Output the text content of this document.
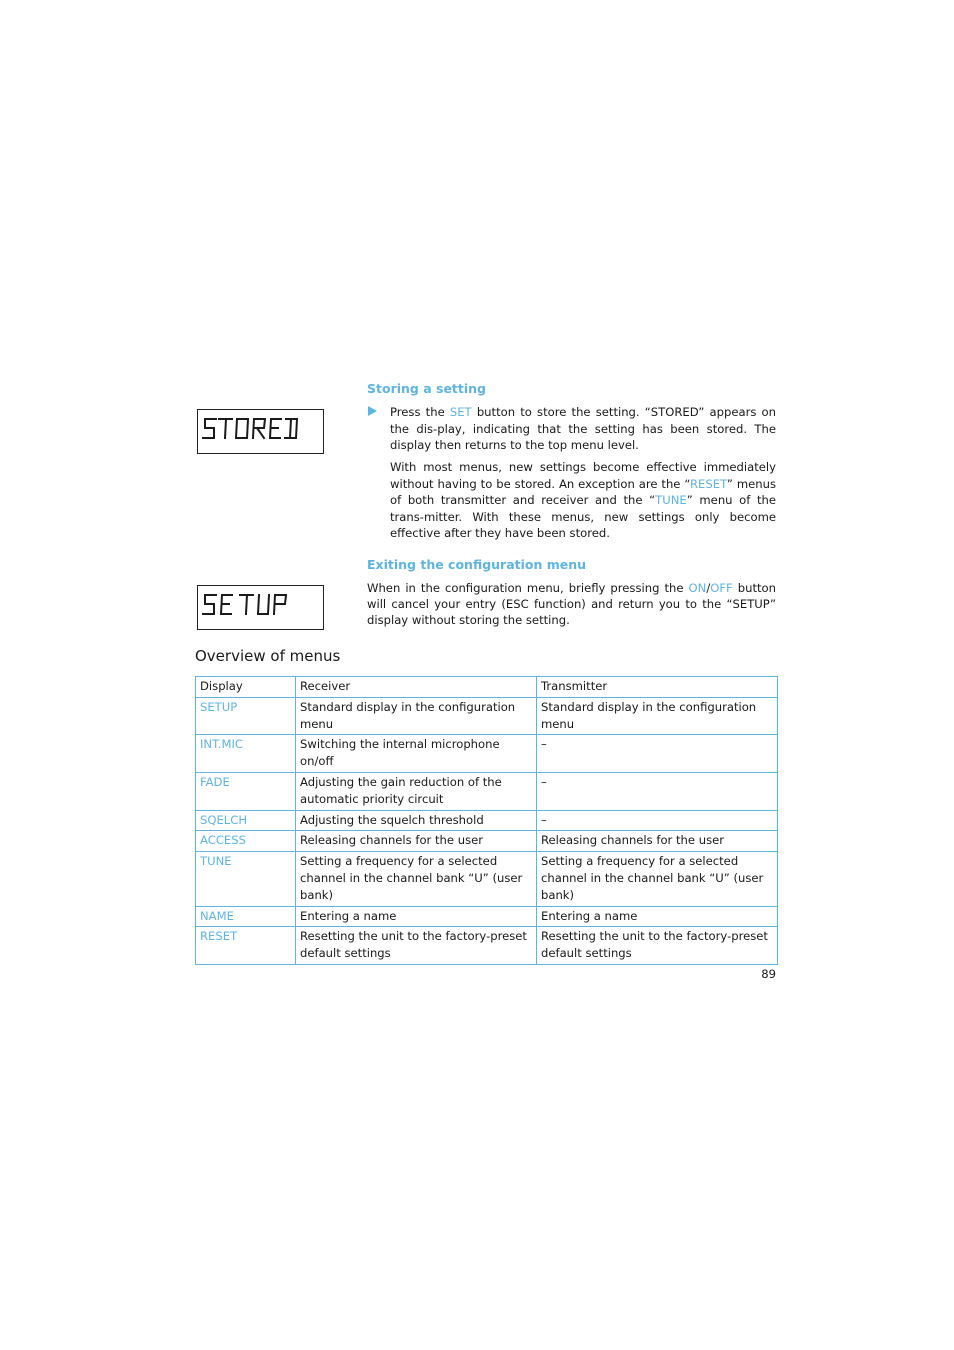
Storing a setting
Press the SET button to store the setting. “STORED” appears on the dis-play, indicating that the setting has been stored. The display then returns to the top menu level.
With most menus, new settings become effective immediately without having to be stored. An exception are the “RESET” menus of both transmitter and receiver and the “TUNE” menu of the trans-mitter. With these menus, new settings only become effective after they have been stored.
Exiting the configuration menu
When in the configuration menu, briefly pressing the ON/OFF button will cancel your entry (ESC function) and return you to the “SETUP” display without storing the setting.
Overview of menus
Display	Receiver	Transmitter
SETUP	Standard display in the configuration menu	Standard display in the configuration menu
INT.MIC	Switching the internal microphone on/off	–
FADE	Adjusting the gain reduction of the automatic priority circuit	–
SQELCH	Adjusting the squelch threshold	–
ACCESS	Releasing channels for the user	Releasing channels for the user
TUNE	Setting a frequency for a selected channel in the channel bank “U” (user bank)	Setting a frequency for a selected channel in the channel bank “U” (user bank)
NAME	Entering a name	Entering a name
RESET	Resetting the unit to the factory-preset default settings	Resetting the unit to the factory-preset default settings
89
